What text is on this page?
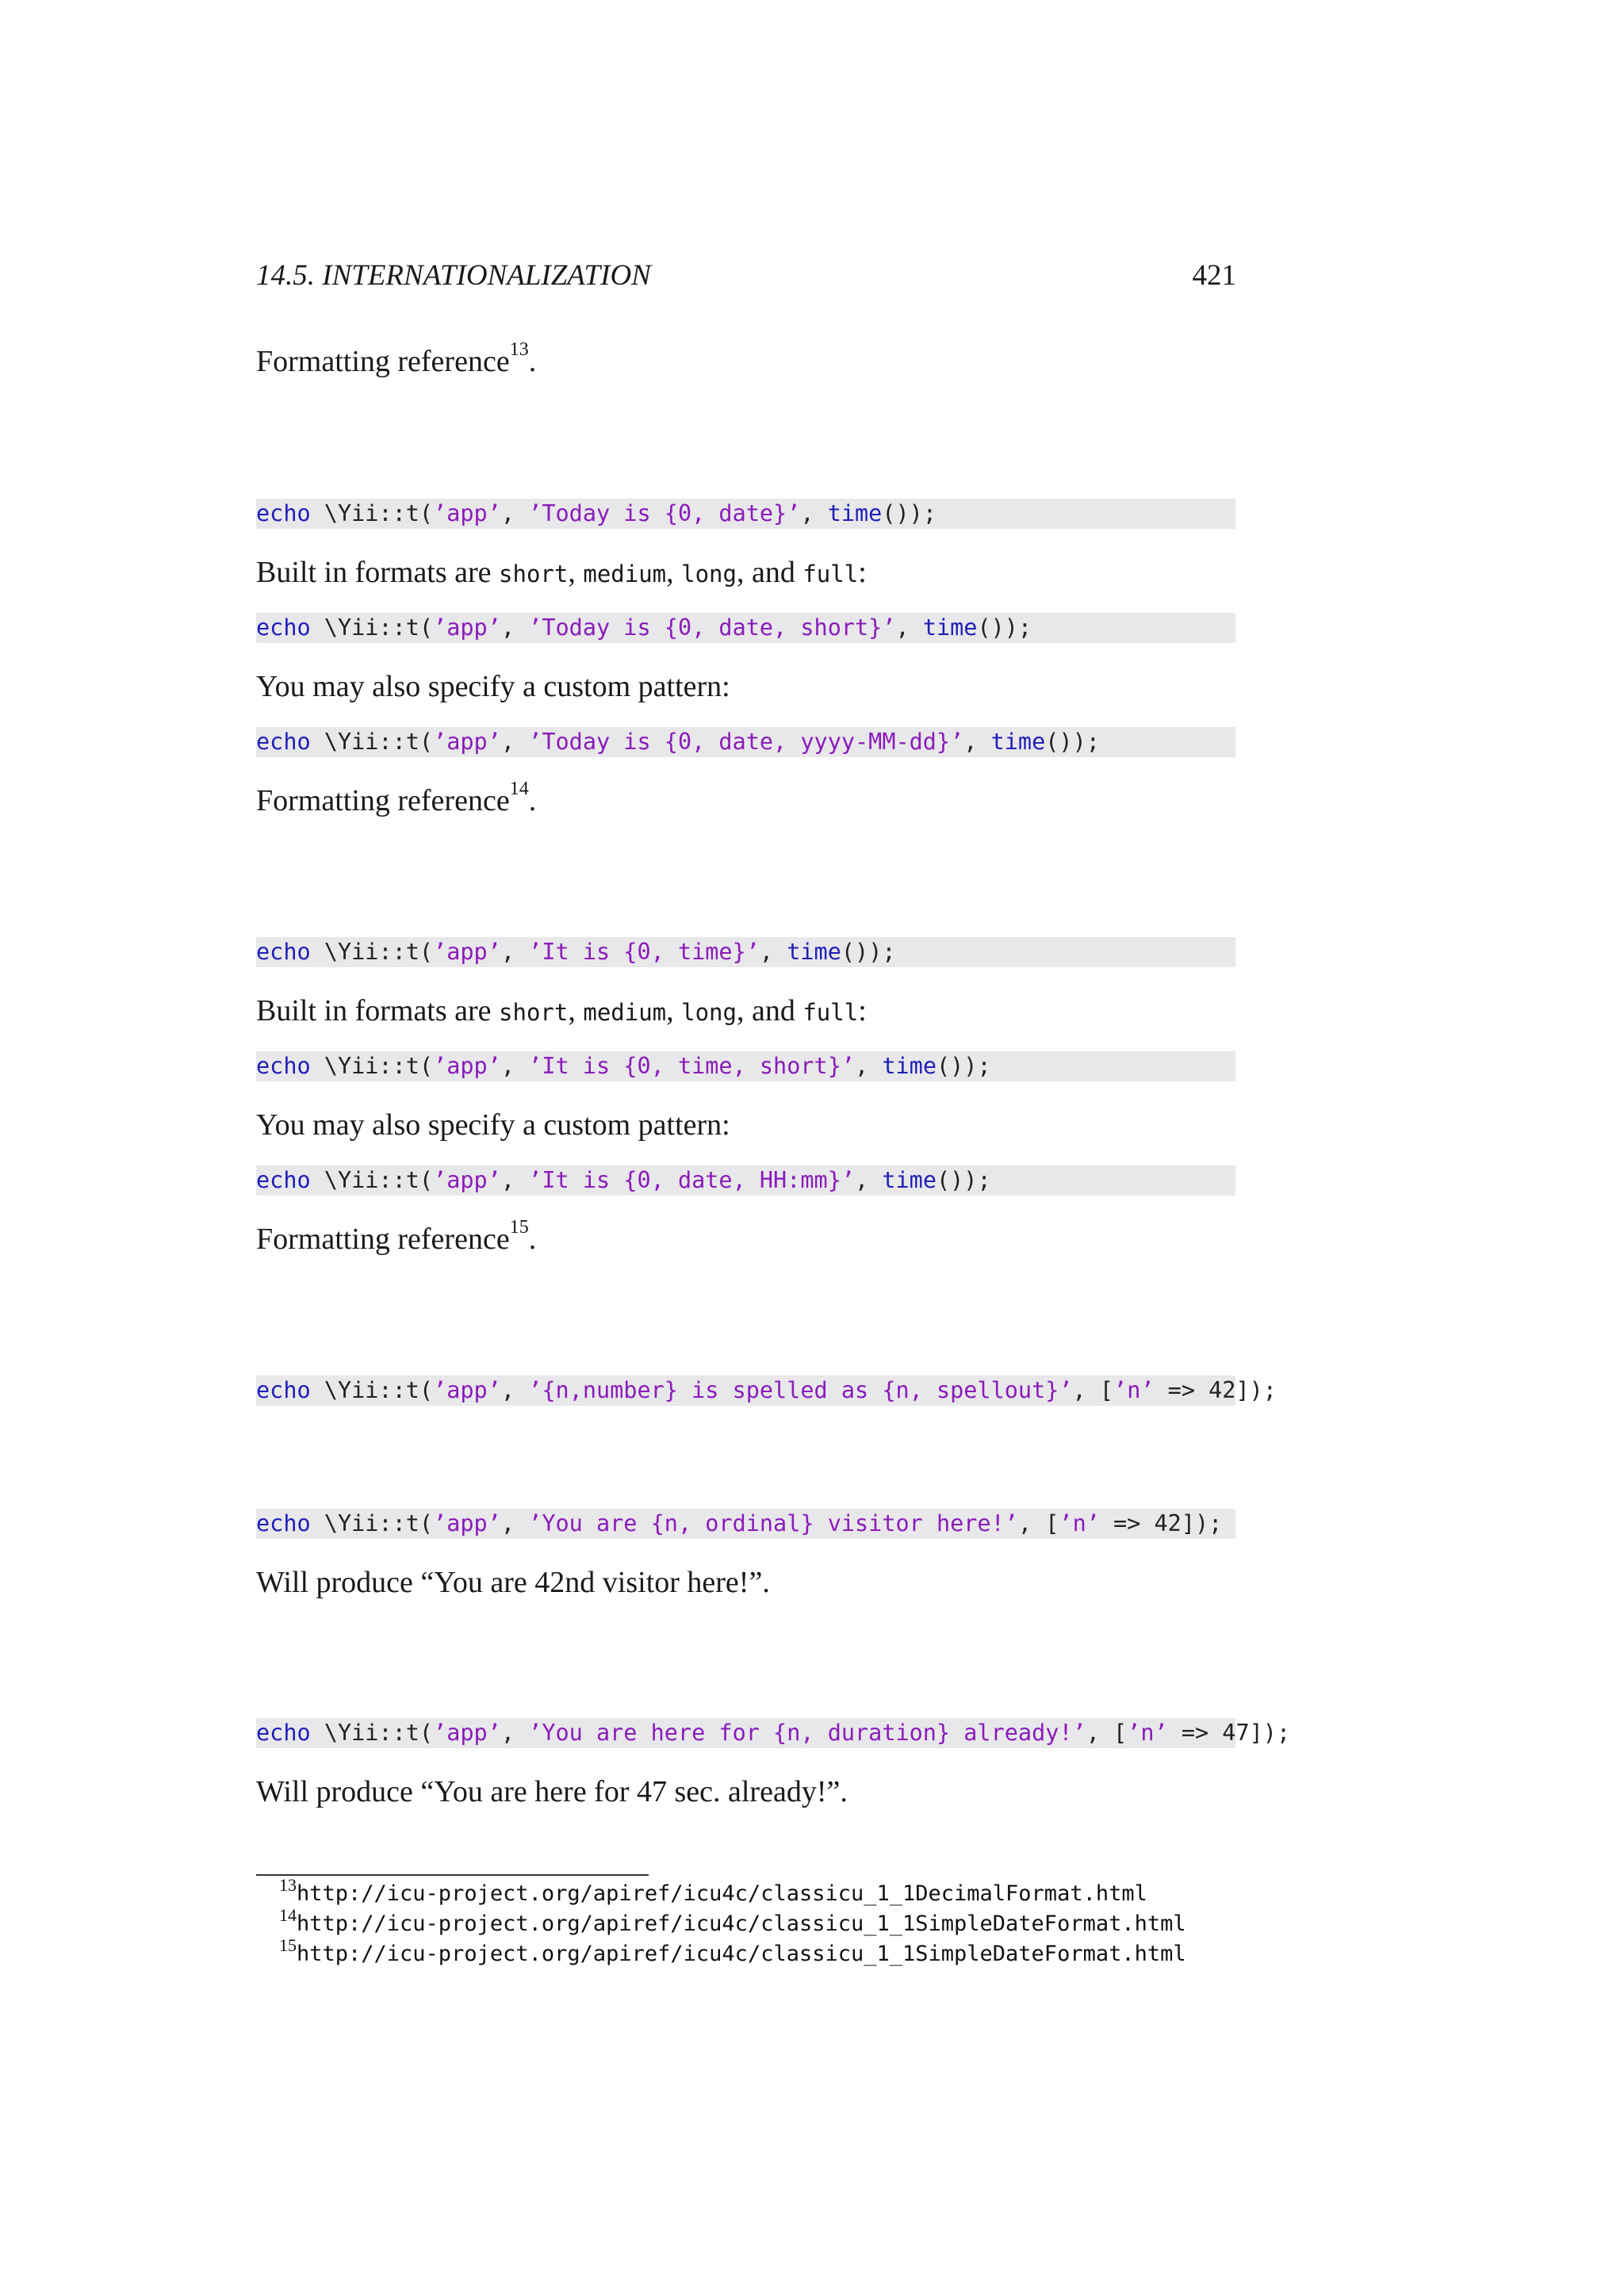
14.5. INTERNATIONALIZATION	421
Formatting reference$^{13}$.
echo \Yii::t(’app’, ’Today is {0, date}’, time());
Built in formats are short, medium, long, and full:
echo \Yii::t(’app’, ’Today is {0, date, short}’, time());
You may also specify a custom pattern:
echo \Yii::t(’app’, ’Today is {0, date, yyyy-MM-dd}’, time());
Formatting reference$^{14}$.
echo \Yii::t(’app’, ’It is {0, time}’, time());
Built in formats are short, medium, long, and full:
echo \Yii::t(’app’, ’It is {0, time, short}’, time());
You may also specify a custom pattern:
echo \Yii::t(’app’, ’It is {0, date, HH:mm}’, time());
Formatting reference$^{15}$.
echo \Yii::t(’app’, ’{n,number} is spelled as {n, spellout}’, [’n’ => 42]);
echo \Yii::t(’app’, ’You are {n, ordinal} visitor here!’, [’n’ => 42]);
Will produce “You are 42nd visitor here!”.
echo \Yii::t(’app’, ’You are here for {n, duration} already!’, [’n’ => 47]);
Will produce “You are here for 47 sec. already!”.
$^{13}$http://icu-project.org/apiref/icu4c/classicu_1_1DecimalFormat.html
$^{14}$http://icu-project.org/apiref/icu4c/classicu_1_1SimpleDateFormat.html
$^{15}$http://icu-project.org/apiref/icu4c/classicu_1_1SimpleDateFormat.html
